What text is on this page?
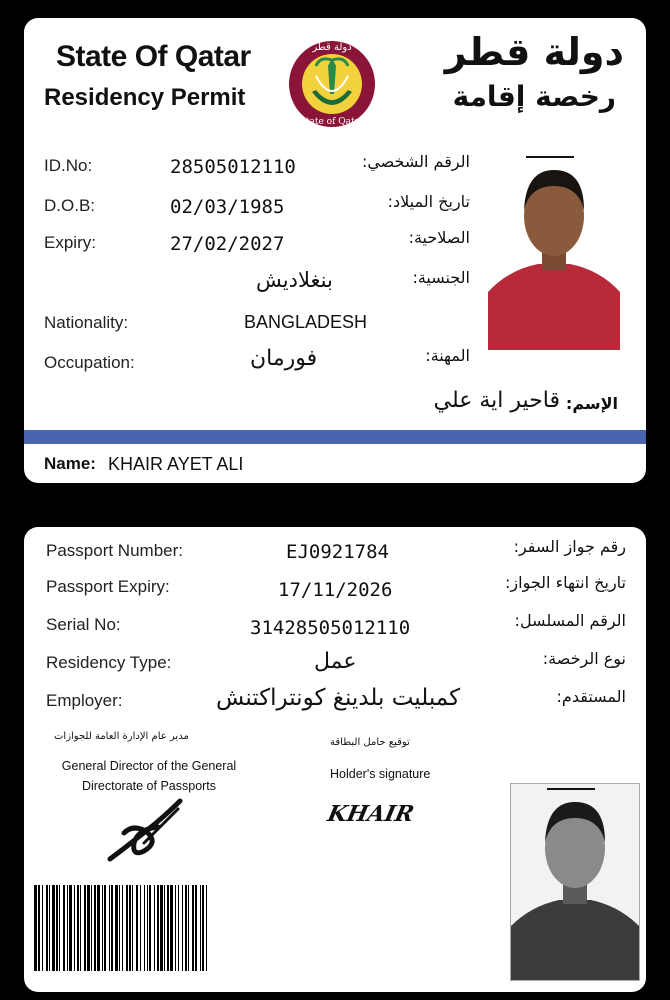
State Of Qatar
Residency Permit
دولة قطر
State of Qatar
دولة قطر
رخصة إقامة
ID.No:	28505012110	الرقم الشخصي:
D.O.B:	02/03/1985	تاريخ الميلاد:
Expiry:	27/02/2027	الصلاحية:
بنغلاديش	الجنسية:
Nationality:	BANGLADESH
Occupation:	فورمان	المهنة:
الإسم:
قاحير اية علي
Name: KHAIR AYET ALI
Passport Number:	EJ0921784	رقم جواز السفر:
Passport Expiry:	17/11/2026	تاريخ انتهاء الجواز:
Serial No:	31428505012110	الرقم المسلسل:
Residency Type:	عمل	نوع الرخصة:
Employer:	كمبليت بلدينغ كونتراكتنش	المستقدم:
مدير عام الإدارة العامة للجوازات
General Director of the General
Directorate of Passports
توقيع حامل البطاقة
Holder's signature
KHAIR
